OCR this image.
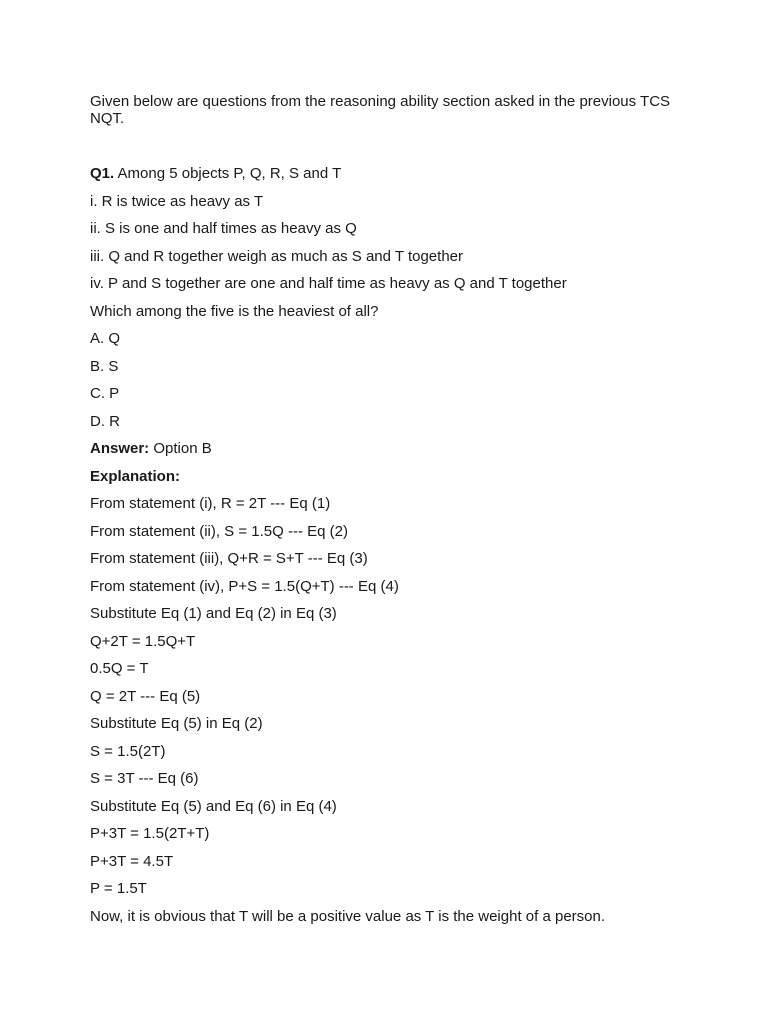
Given below are questions from the reasoning ability section asked in the previous TCS NQT.
Q1. Among 5 objects P, Q, R, S and T
i. R is twice as heavy as T
ii. S is one and half times as heavy as Q
iii. Q and R together weigh as much as S and T together
iv. P and S together are one and half time as heavy as Q and T together
Which among the five is the heaviest of all?
A. Q
B. S
C. P
D. R
Answer: Option B
Explanation:
From statement (i), R = 2T --- Eq (1)
From statement (ii), S = 1.5Q --- Eq (2)
From statement (iii), Q+R = S+T --- Eq (3)
From statement (iv), P+S = 1.5(Q+T) --- Eq (4)
Substitute Eq (1) and Eq (2) in Eq (3)
Q+2T = 1.5Q+T
0.5Q = T
Q = 2T --- Eq (5)
Substitute Eq (5) in Eq (2)
S = 1.5(2T)
S = 3T --- Eq (6)
Substitute Eq (5) and Eq (6) in Eq (4)
P+3T = 1.5(2T+T)
P+3T = 4.5T
P = 1.5T
Now, it is obvious that T will be a positive value as T is the weight of a person.
